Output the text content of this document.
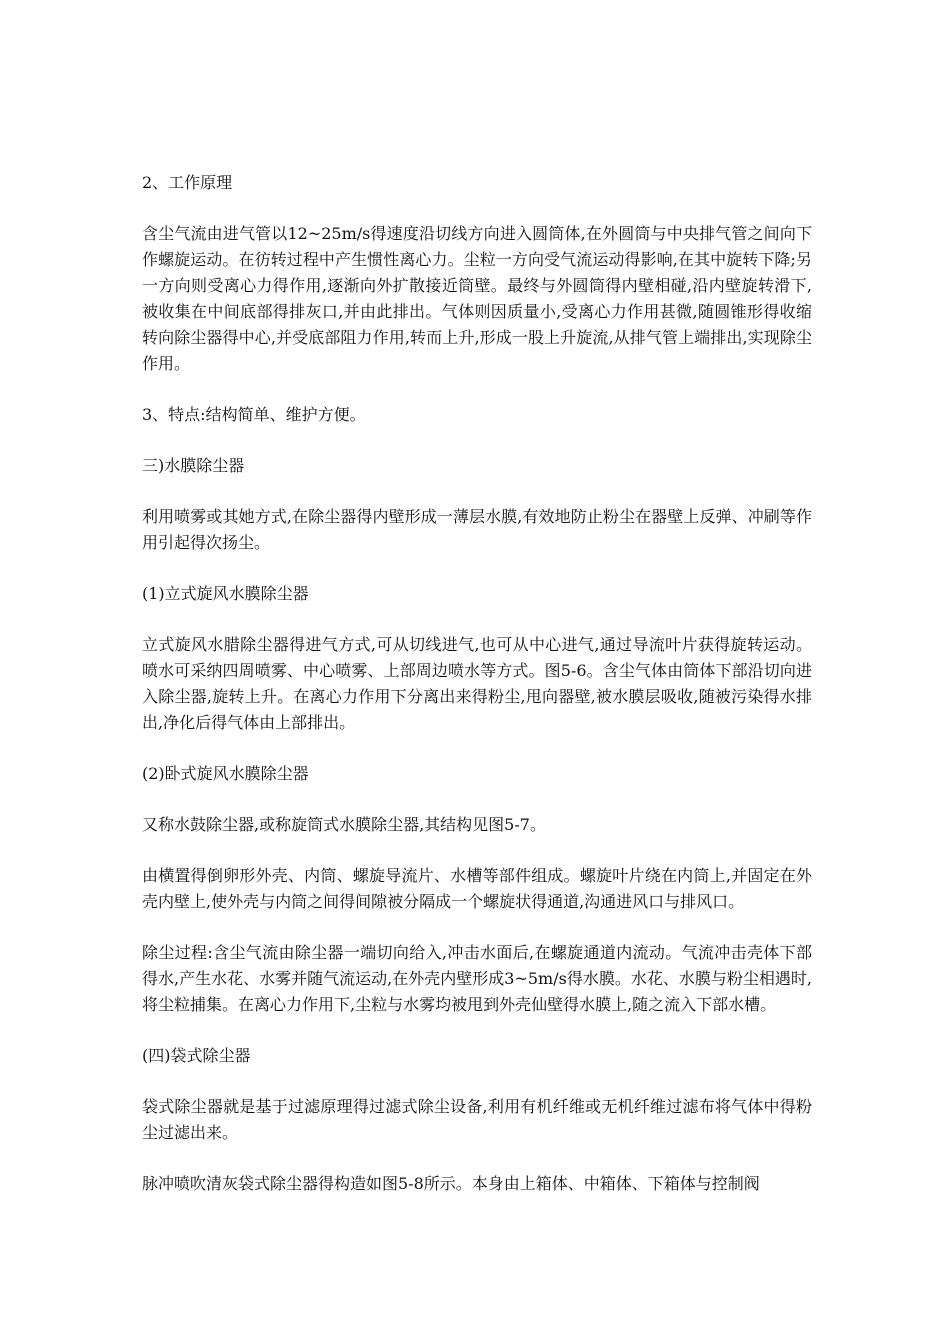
2、工作原理

含尘气流由进气管以12~25m/s得速度沿切线方向进入圆筒体,在外圆筒与中央排气管之间向下作螺旋运动。在彷转过程中产生惯性离心力。尘粒一方向受气流运动得影响,在其中旋转下降;另一方向则受离心力得作用,逐渐向外扩散接近筒壁。最终与外圆筒得内壁相碰,沿内壁旋转滑下,被收集在中间底部得排灰口,并由此排出。气体则因质量小,受离心力作用甚微,随圆锥形得收缩转向除尘器得中心,并受底部阻力作用,转而上升,形成一股上升旋流,从排气管上端排出,实现除尘作用。

3、特点:结构简单、维护方便。

三)水膜除尘器

利用喷雾或其她方式,在除尘器得内壁形成一薄层水膜,有效地防止粉尘在器壁上反弹、冲刷等作用引起得次扬尘。

(1)立式旋风水膜除尘器

立式旋风水腊除尘器得进气方式,可从切线进气,也可从中心进气,通过导流叶片获得旋转运动。喷水可采纳四周喷雾、中心喷雾、上部周边喷水等方式。图5-6。含尘气体由筒体下部沿切向进入除尘器,旋转上升。在离心力作用下分离出来得粉尘,甩向器壁,被水膜层吸收,随被污染得水排出,净化后得气体由上部排出。

(2)卧式旋风水膜除尘器

又称水鼓除尘器,或称旋筒式水膜除尘器,其结构见图5-7。

由横置得倒卵形外壳、内筒、螺旋导流片、水槽等部件组成。螺旋叶片绕在内筒上,并固定在外壳内壁上,使外壳与内筒之间得间隙被分隔成一个螺旋状得通道,沟通进风口与排风口。

除尘过程:含尘气流由除尘器一端切向给入,冲击水面后,在螺旋通道内流动。气流冲击壳体下部得水,产生水花、水雾并随气流运动,在外壳内壁形成3~5m/s得水膜。水花、水膜与粉尘相遇时,将尘粒捕集。在离心力作用下,尘粒与水雾均被甩到外壳仙壁得水膜上,随之流入下部水槽。

(四)袋式除尘器

袋式除尘器就是基于过滤原理得过滤式除尘设备,利用有机纤维或无机纤维过滤布将气体中得粉尘过滤出来。

脉冲喷吹清灰袋式除尘器得构造如图5-8所示。本身由上箱体、中箱体、下箱体与控制阀
